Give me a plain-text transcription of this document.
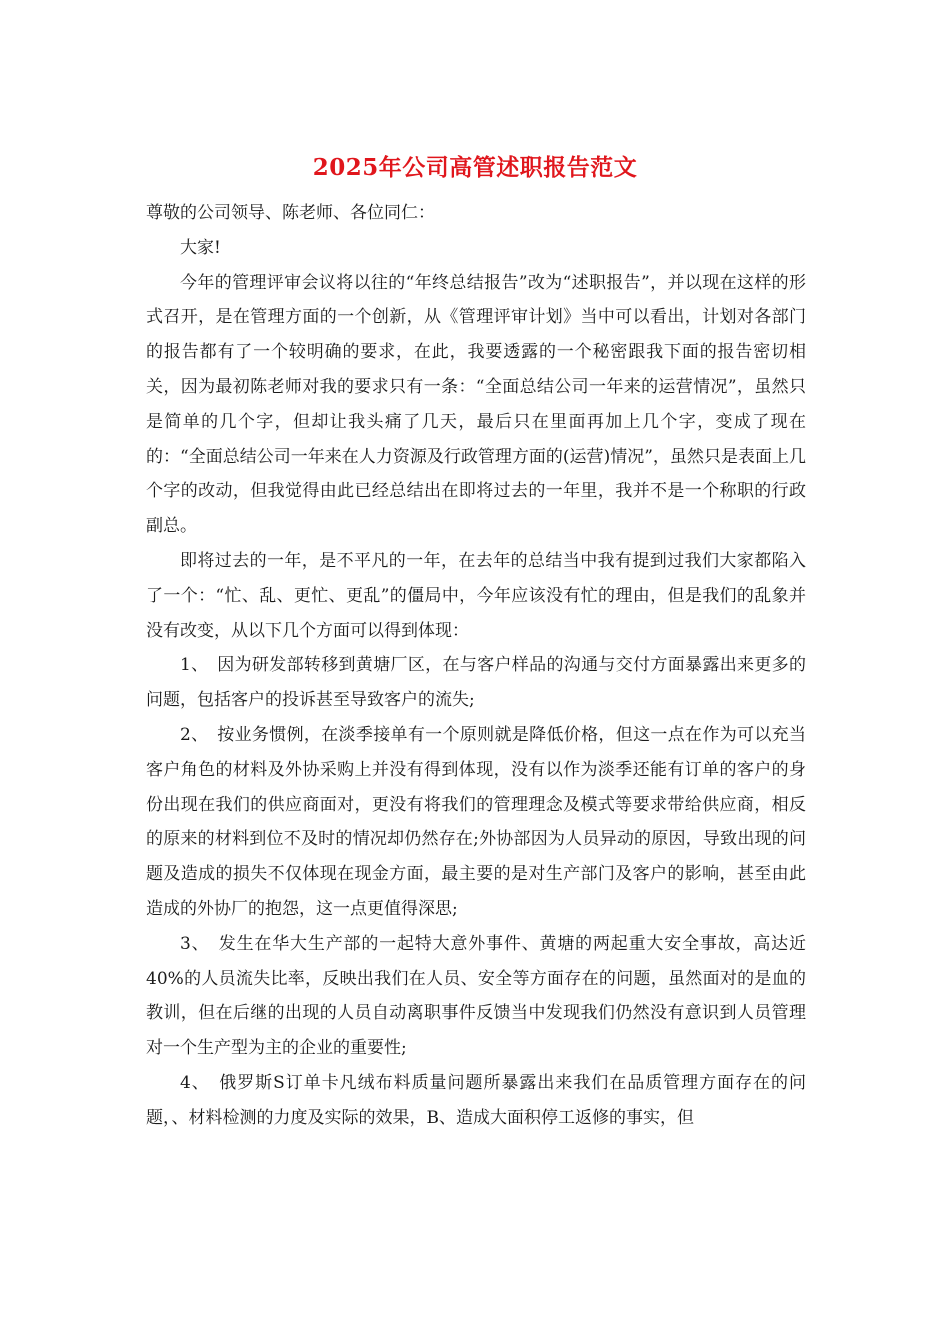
2025年公司高管述职报告范文

尊敬的公司领导、陈老师、各位同仁：

大家!

今年的管理评审会议将以往的“年终总结报告”改为“述职报告”，并以现在这样的形式召开，是在管理方面的一个创新，从《管理评审计划》当中可以看出，计划对各部门的报告都有了一个较明确的要求，在此，我要透露的一个秘密跟我下面的报告密切相关，因为最初陈老师对我的要求只有一条：“全面总结公司一年来的运营情况”，虽然只是简单的几个字，但却让我头痛了几天，最后只在里面再加上几个字，变成了现在的：“全面总结公司一年来在人力资源及行政管理方面的(运营)情况”，虽然只是表面上几个字的改动，但我觉得由此已经总结出在即将过去的一年里，我并不是一个称职的行政副总。

即将过去的一年，是不平凡的一年，在去年的总结当中我有提到过我们大家都陷入了一个：“忙、乱、更忙、更乱”的僵局中，今年应该没有忙的理由，但是我们的乱象并没有改变，从以下几个方面可以得到体现：

1、　因为研发部转移到黄塘厂区，在与客户样品的沟通与交付方面暴露出来更多的问题，包括客户的投诉甚至导致客户的流失;

2、　按业务惯例，在淡季接单有一个原则就是降低价格，但这一点在作为可以充当客户角色的材料及外协采购上并没有得到体现，没有以作为淡季还能有订单的客户的身份出现在我们的供应商面对，更没有将我们的管理理念及模式等要求带给供应商，相反的原来的材料到位不及时的情况却仍然存在;外协部因为人员异动的原因，导致出现的问题及造成的损失不仅体现在现金方面，最主要的是对生产部门及客户的影响，甚至由此造成的外协厂的抱怨，这一点更值得深思;

3、　发生在华大生产部的一起特大意外事件、黄塘的两起重大安全事故，高达近40%的人员流失比率，反映出我们在人员、安全等方面存在的问题，虽然面对的是血的教训，但在后继的出现的人员自动离职事件反馈当中发现我们仍然没有意识到人员管理对一个生产型为主的企业的重要性;

4、　俄罗斯S订单卡凡绒布料质量问题所暴露出来我们在品质管理方面存在的问题，、材料检测的力度及实际的效果，B、造成大面积停工返修的事实，但
